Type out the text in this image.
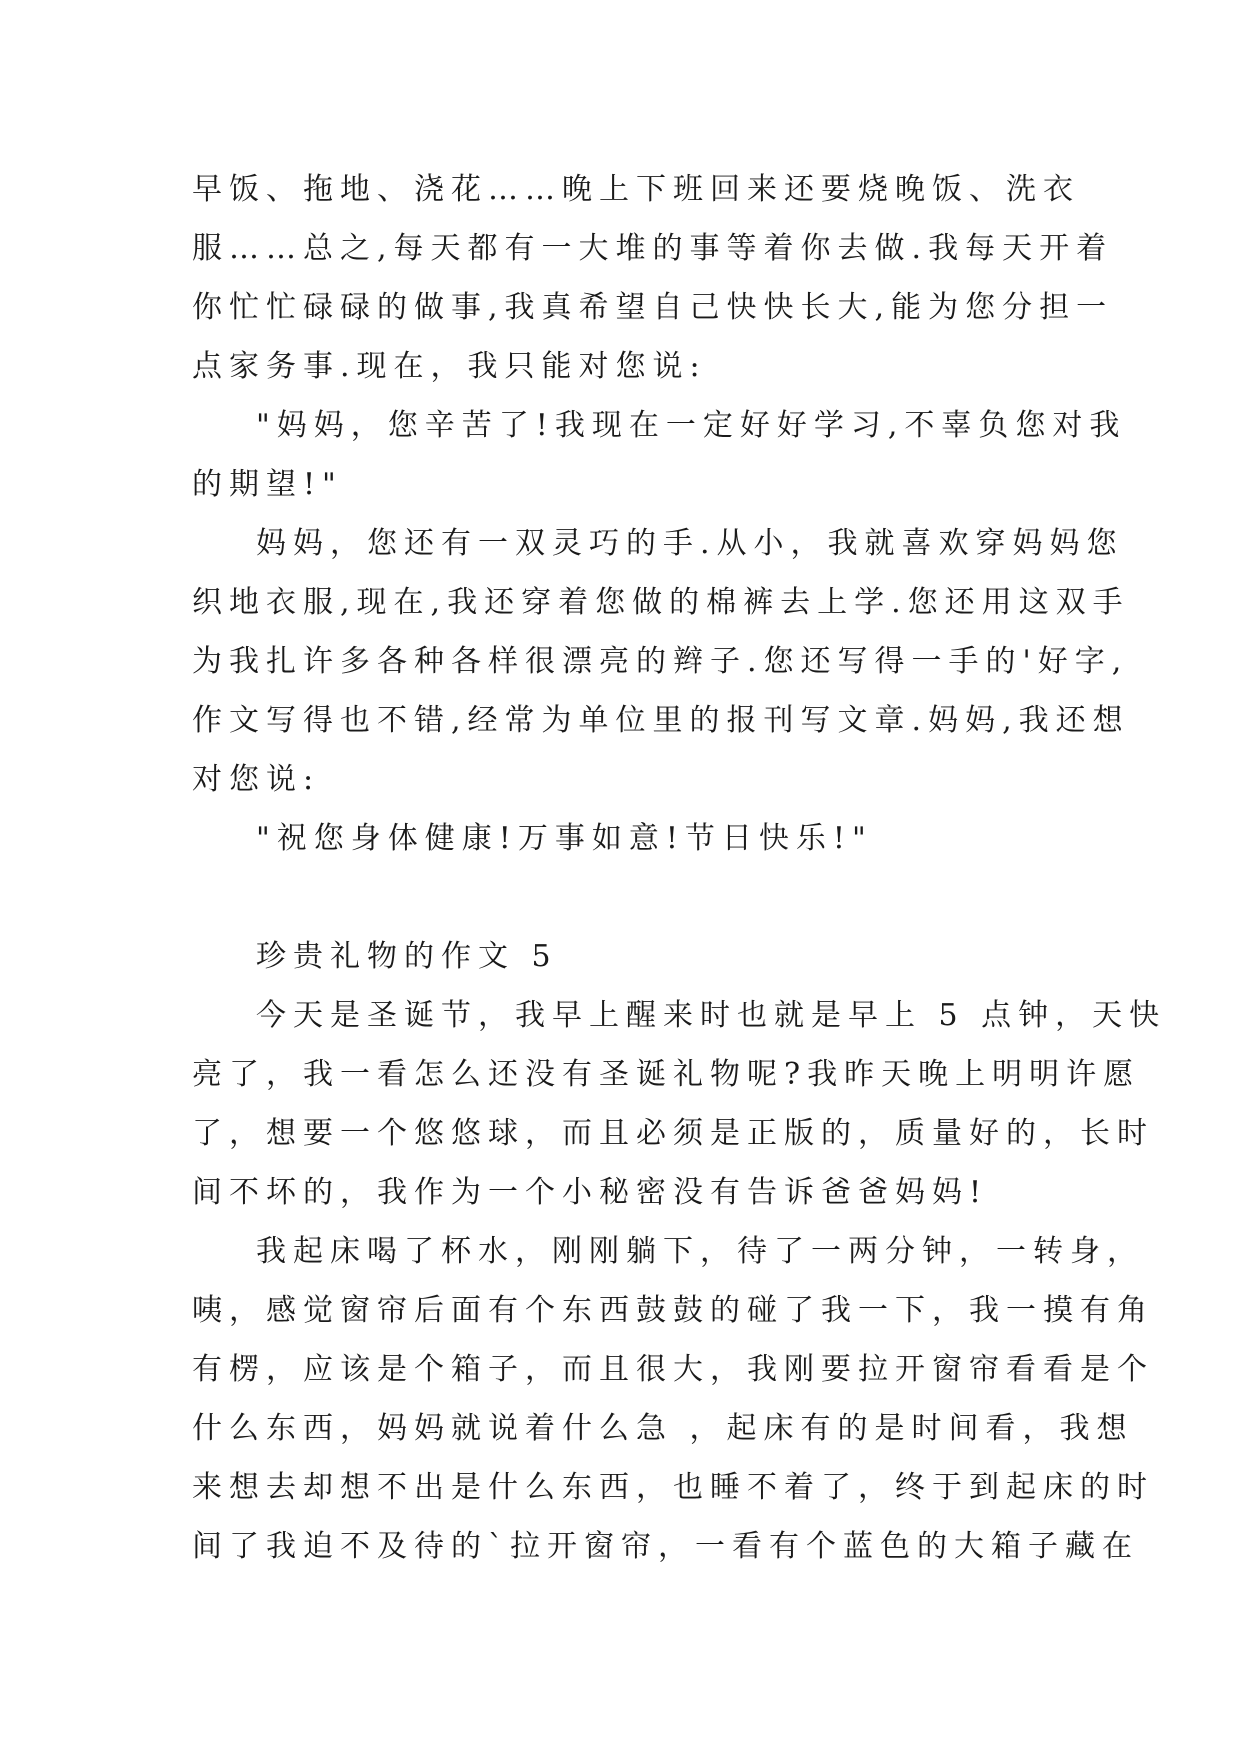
早饭、拖地、浇花……晚上下班回来还要烧晚饭、洗衣
服……总之,每天都有一大堆的事等着你去做.我每天开着
你忙忙碌碌的做事,我真希望自己快快长大,能为您分担一
点家务事.现在，我只能对您说:
"妈妈，您辛苦了!我现在一定好好学习,不辜负您对我
的期望!"
妈妈，您还有一双灵巧的手.从小，我就喜欢穿妈妈您
织地衣服,现在,我还穿着您做的棉裤去上学.您还用这双手
为我扎许多各种各样很漂亮的辫子.您还写得一手的'好字,
作文写得也不错,经常为单位里的报刊写文章.妈妈,我还想
对您说:
"祝您身体健康!万事如意!节日快乐!"
珍贵礼物的作文 5
今天是圣诞节，我早上醒来时也就是早上 5 点钟，天快
亮了，我一看怎么还没有圣诞礼物呢?我昨天晚上明明许愿
了，想要一个悠悠球，而且必须是正版的，质量好的，长时
间不坏的，我作为一个小秘密没有告诉爸爸妈妈!
我起床喝了杯水，刚刚躺下，待了一两分钟，一转身，
咦，感觉窗帘后面有个东西鼓鼓的碰了我一下，我一摸有角
有楞，应该是个箱子，而且很大，我刚要拉开窗帘看看是个
什么东西，妈妈就说着什么急 ，起床有的是时间看，我想
来想去却想不出是什么东西，也睡不着了，终于到起床的时
间了我迫不及待的`拉开窗帘，一看有个蓝色的大箱子藏在
